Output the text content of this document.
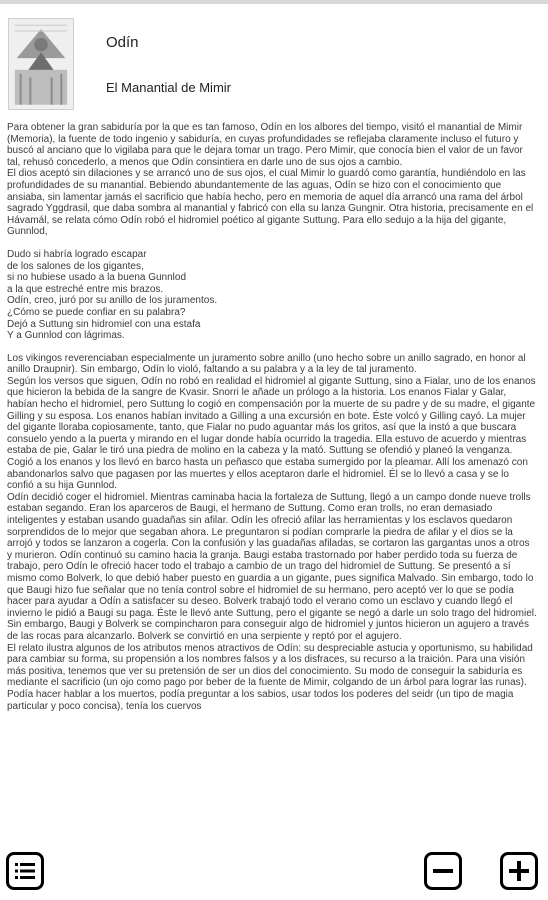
Odín
El Manantial de Mimir

Para obtener la gran sabiduría por la que es tan famoso, Odín en los albores del tiempo, visitó el manantial de Mimir (Memoria), la fuente de todo ingenio y sabiduría, en cuyas profundidades se reflejaba claramente incluso el futuro y buscó al anciano que lo vigilaba para que le dejara tomar un trago. Pero Mimir, que conocía bien el valor de un favor tal, rehusó concederlo, a menos que Odín consintiera en darle uno de sus ojos a cambio.
El dios aceptó sin dilaciones y se arrancó uno de sus ojos, el cual Mimir lo guardó como garantía, hundiéndolo en las profundidades de su manantial. Bebiendo abundantemente de las aguas, Odín se hizo con el conocimiento que ansiaba, sin lamentar jamás el sacrificio que había hecho, pero en memoria de aquel día arrancó una rama del árbol sagrado Yggdrasil, que daba sombra al manantial y fabricó con ella su lanza Gungnir. Otra historia, precisamente en el Hávamál, se relata cómo Odín robó el hidromiel poético al gigante Suttung. Para ello sedujo a la hija del gigante, Gunnlod,

Dudo si habría logrado escapar
de los salones de los gigantes,
si no hubiese usado a la buena Gunnlod
a la que estreché entre mis brazos.
Odín, creo, juró por su anillo de los juramentos.
¿Cómo se puede confiar en su palabra?
Dejó a Suttung sin hidromiel con una estafa
Y a Gunnlod con lágrimas.

Los vikingos reverenciaban especialmente un juramento sobre anillo (uno hecho sobre un anillo sagrado, en honor al anillo Draupnir). Sin embargo, Odín lo violó, faltando a su palabra y a la ley de tal juramento.
Según los versos que siguen, Odín no robó en realidad el hidromiel al gigante Suttung, sino a Fialar, uno de los enanos que hicieron la bebida de la sangre de Kvasir. Snorri le añade un prólogo a la historia. Los enanos Fialar y Galar, habían hecho el hidromiel, pero Suttung lo cogió en compensación por la muerte de su padre y de su madre, el gigante Gilling y su esposa. Los enanos habían invitado a Gilling a una excursión en bote. Éste volcó y Gilling cayó. La mujer del gigante lloraba copiosamente, tanto, que Fialar no pudo aguantar más los gritos, así que la instó a que buscara consuelo yendo a la puerta y mirando en el lugar donde había ocurrido la tragedia. Ella estuvo de acuerdo y mientras estaba de pie, Galar le tiró una piedra de molino en la cabeza y la mató. Suttung se ofendió y planeó la venganza. Cogió a los enanos y los llevó en barco hasta un peñasco que estaba sumergido por la pleamar. Allí los amenazó con abandonarlos salvo que pagasen por las muertes y ellos aceptaron darle el hidromiel. Él se lo llevó a casa y se lo confió a su hija Gunnlod.
Odín decidió coger el hidromiel. Mientras caminaba hacia la fortaleza de Suttung, llegó a un campo donde nueve trolls estaban segando. Eran los aparceros de Baugi, el hermano de Suttung. Como eran trolls, no eran demasiado inteligentes y estaban usando guadañas sin afilar. Odín les ofreció afilar las herramientas y los esclavos quedaron sorprendidos de lo mejor que segaban ahora. Le preguntaron si podían comprarle la piedra de afilar y el dios se la arrojó y todos se lanzaron a cogerla. Con la confusión y las guadañas afiladas, se cortaron las gargantas unos a otros y murieron. Odín continuó su camino hacia la granja. Baugi estaba trastornado por haber perdido toda su fuerza de trabajo, pero Odín le ofreció hacer todo el trabajo a cambio de un trago del hidromiel de Suttung. Se presentó a sí mismo como Bolverk, lo que debió haber puesto en guardia a un gigante, pues significa Malvado. Sin embargo, todo lo que Baugi hizo fue señalar que no tenía control sobre el hidromiel de su hermano, pero aceptó ver lo que se podía hacer para ayudar a Odín a satisfacer su deseo. Bolverk trabajó todo el verano como un esclavo y cuando llegó el invierno le pidió a Baugi su paga. Éste le llevó ante Suttung, pero el gigante se negó a darle un solo trago del hidromiel. Sin embargo, Baugi y Bolverk se compincharon para conseguir algo de hidromiel y juntos hicieron un agujero a través de las rocas para alcanzarlo. Bolverk se convirtió en una serpiente y reptó por el agujero.
El relato ilustra algunos de los atributos menos atractivos de Odín: su despreciable astucia y oportunismo, su habilidad para cambiar su forma, su propensión a los nombres falsos y a los disfraces, su recurso a la traición. Para una visión más positiva, tenemos que ver su pretensión de ser un dios del conocimiento. Su modo de conseguir la sabiduría es mediante el sacrificio (un ojo como pago por beber de la fuente de Mimir, colgando de un árbol para lograr las runas). Podía hacer hablar a los muertos, podía preguntar a los sabios, usar todos los poderes del seidr (un tipo de magia particular y poco concisa), tenía los cuervos
